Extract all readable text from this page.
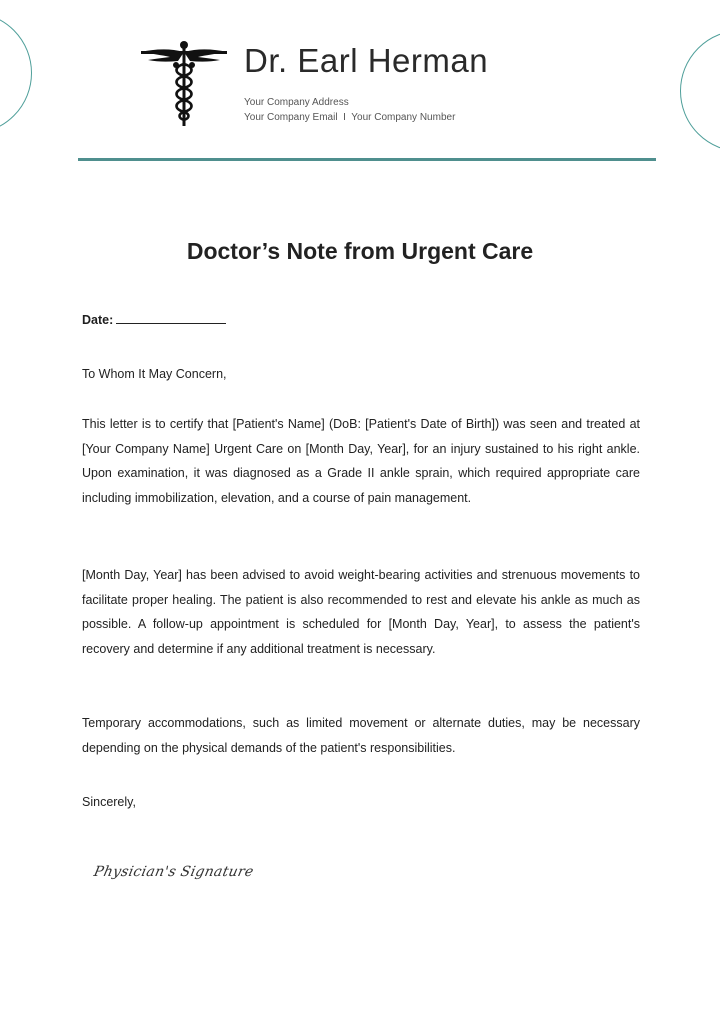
Dr. Earl Herman
Your Company Address
Your Company Email  I  Your Company Number
Doctor’s Note from Urgent Care
Date:
To Whom It May Concern,
This letter is to certify that [Patient's Name] (DoB: [Patient's Date of Birth]) was seen and treated at [Your Company Name] Urgent Care on [Month Day, Year], for an injury sustained to his right ankle. Upon examination, it was diagnosed as a Grade II ankle sprain, which required appropriate care including immobilization, elevation, and a course of pain management.
[Month Day, Year] has been advised to avoid weight-bearing activities and strenuous movements to facilitate proper healing. The patient is also recommended to rest and elevate his ankle as much as possible. A follow-up appointment is scheduled for [Month Day, Year], to assess the patient's recovery and determine if any additional treatment is necessary.
Temporary accommodations, such as limited movement or alternate duties, may be necessary depending on the physical demands of the patient's responsibilities.
Sincerely,
Physician's Signature
